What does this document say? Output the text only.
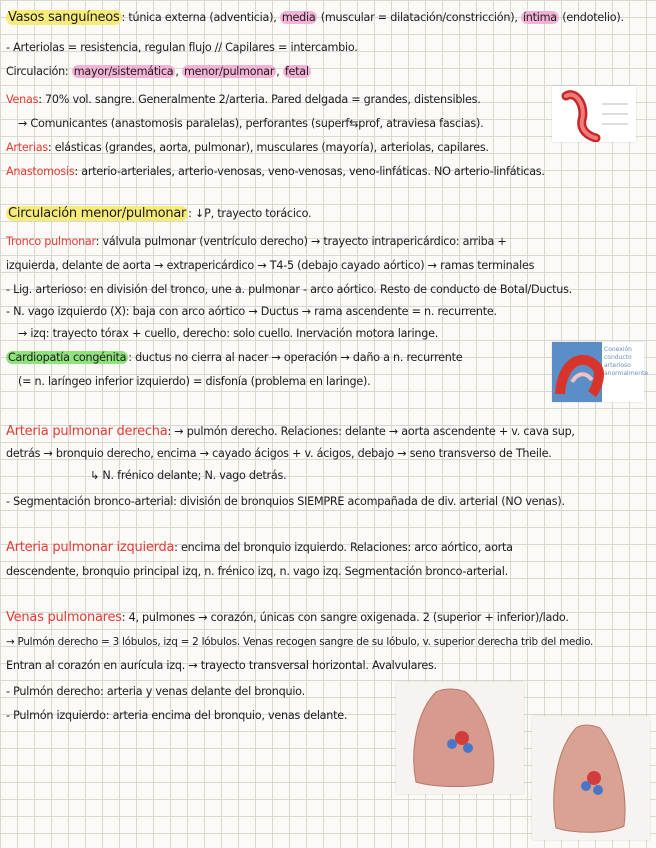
Vasos sanguíneos : túnica externa (adventicia), media (muscular = dilatación/constricción), íntima (endotelio).
- Arteriolas = resistencia, regulan flujo // Capilares = intercambio.
Circulación: mayor/sistemática , menor/pulmonar , fetal
Venas: 70% vol. sangre. Generalmente 2/arteria. Pared delgada = grandes, distensibles.
→ Comunicantes (anastomosis paralelas), perforantes (superf⇆prof, atraviesa fascias).
Arterias: elásticas (grandes, aorta, pulmonar), musculares (mayoría), arteriolas, capilares.
Anastomosis: arterio-arteriales, arterio-venosas, veno-venosas, veno-linfáticas. NO arterio-linfáticas.
Circulación menor/pulmonar : ↓P, trayecto torácico.
Tronco pulmonar: válvula pulmonar (ventrículo derecho) → trayecto intrapericárdico: arriba +
izquierda, delante de aorta → extrapericárdico → T4-5 (debajo cayado aórtico) → ramas terminales
- Lig. arterioso: en división del tronco, une a. pulmonar - arco aórtico. Resto de conducto de Botal/Ductus.
- N. vago izquierdo (X): baja con arco aórtico → Ductus → rama ascendente = n. recurrente.
→ izq: trayecto tórax + cuello, derecho: solo cuello. Inervación motora laringe.
Cardiopatía congénita : ductus no cierra al nacer → operación → daño a n. recurrente
(= n. laríngeo inferior izquierdo) = disfonía (problema en laringe).
Conexión conducto arterioso anormalmente
Arteria pulmonar derecha: → pulmón derecho. Relaciones: delante → aorta ascendente + v. cava sup,
detrás → bronquio derecho, encima → cayado ácigos + v. ácigos, debajo → seno transverso de Theile.
↳ N. frénico delante; N. vago detrás.
- Segmentación bronco-arterial: división de bronquios SIEMPRE acompañada de div. arterial (NO venas).
Arteria pulmonar izquierda: encima del bronquio izquierdo. Relaciones: arco aórtico, aorta
descendente, bronquio principal izq, n. frénico izq, n. vago izq. Segmentación bronco-arterial.
Venas pulmonares: 4, pulmones → corazón, únicas con sangre oxigenada. 2 (superior + inferior)/lado.
→ Pulmón derecho = 3 lóbulos, izq = 2 lóbulos. Venas recogen sangre de su lóbulo, v. superior derecha trib del medio.
Entran al corazón en aurícula izq. → trayecto transversal horizontal. Avalvulares.
- Pulmón derecho: arteria y venas delante del bronquio.
- Pulmón izquierdo: arteria encima del bronquio, venas delante.
